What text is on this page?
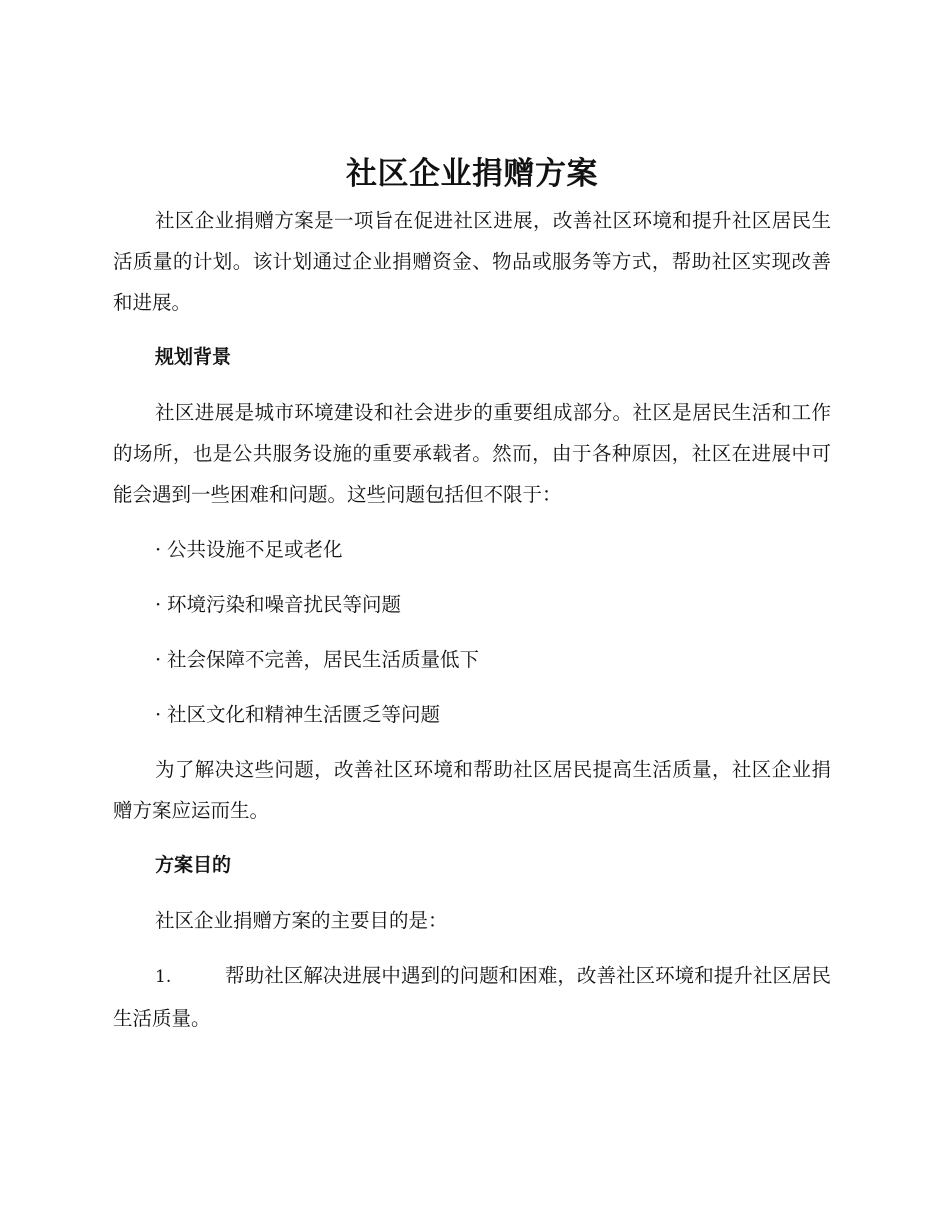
社区企业捐赠方案

社区企业捐赠方案是一项旨在促进社区进展，改善社区环境和提升社区居民生活质量的计划。该计划通过企业捐赠资金、物品或服务等方式，帮助社区实现改善和进展。

规划背景

社区进展是城市环境建设和社会进步的重要组成部分。社区是居民生活和工作的场所，也是公共服务设施的重要承载者。然而，由于各种原因，社区在进展中可能会遇到一些困难和问题。这些问题包括但不限于：

· 公共设施不足或老化

· 环境污染和噪音扰民等问题

· 社会保障不完善，居民生活质量低下

· 社区文化和精神生活匮乏等问题

为了解决这些问题，改善社区环境和帮助社区居民提高生活质量，社区企业捐赠方案应运而生。

方案目的

社区企业捐赠方案的主要目的是：

1.	帮助社区解决进展中遇到的问题和困难，改善社区环境和提升社区居民生活质量。
